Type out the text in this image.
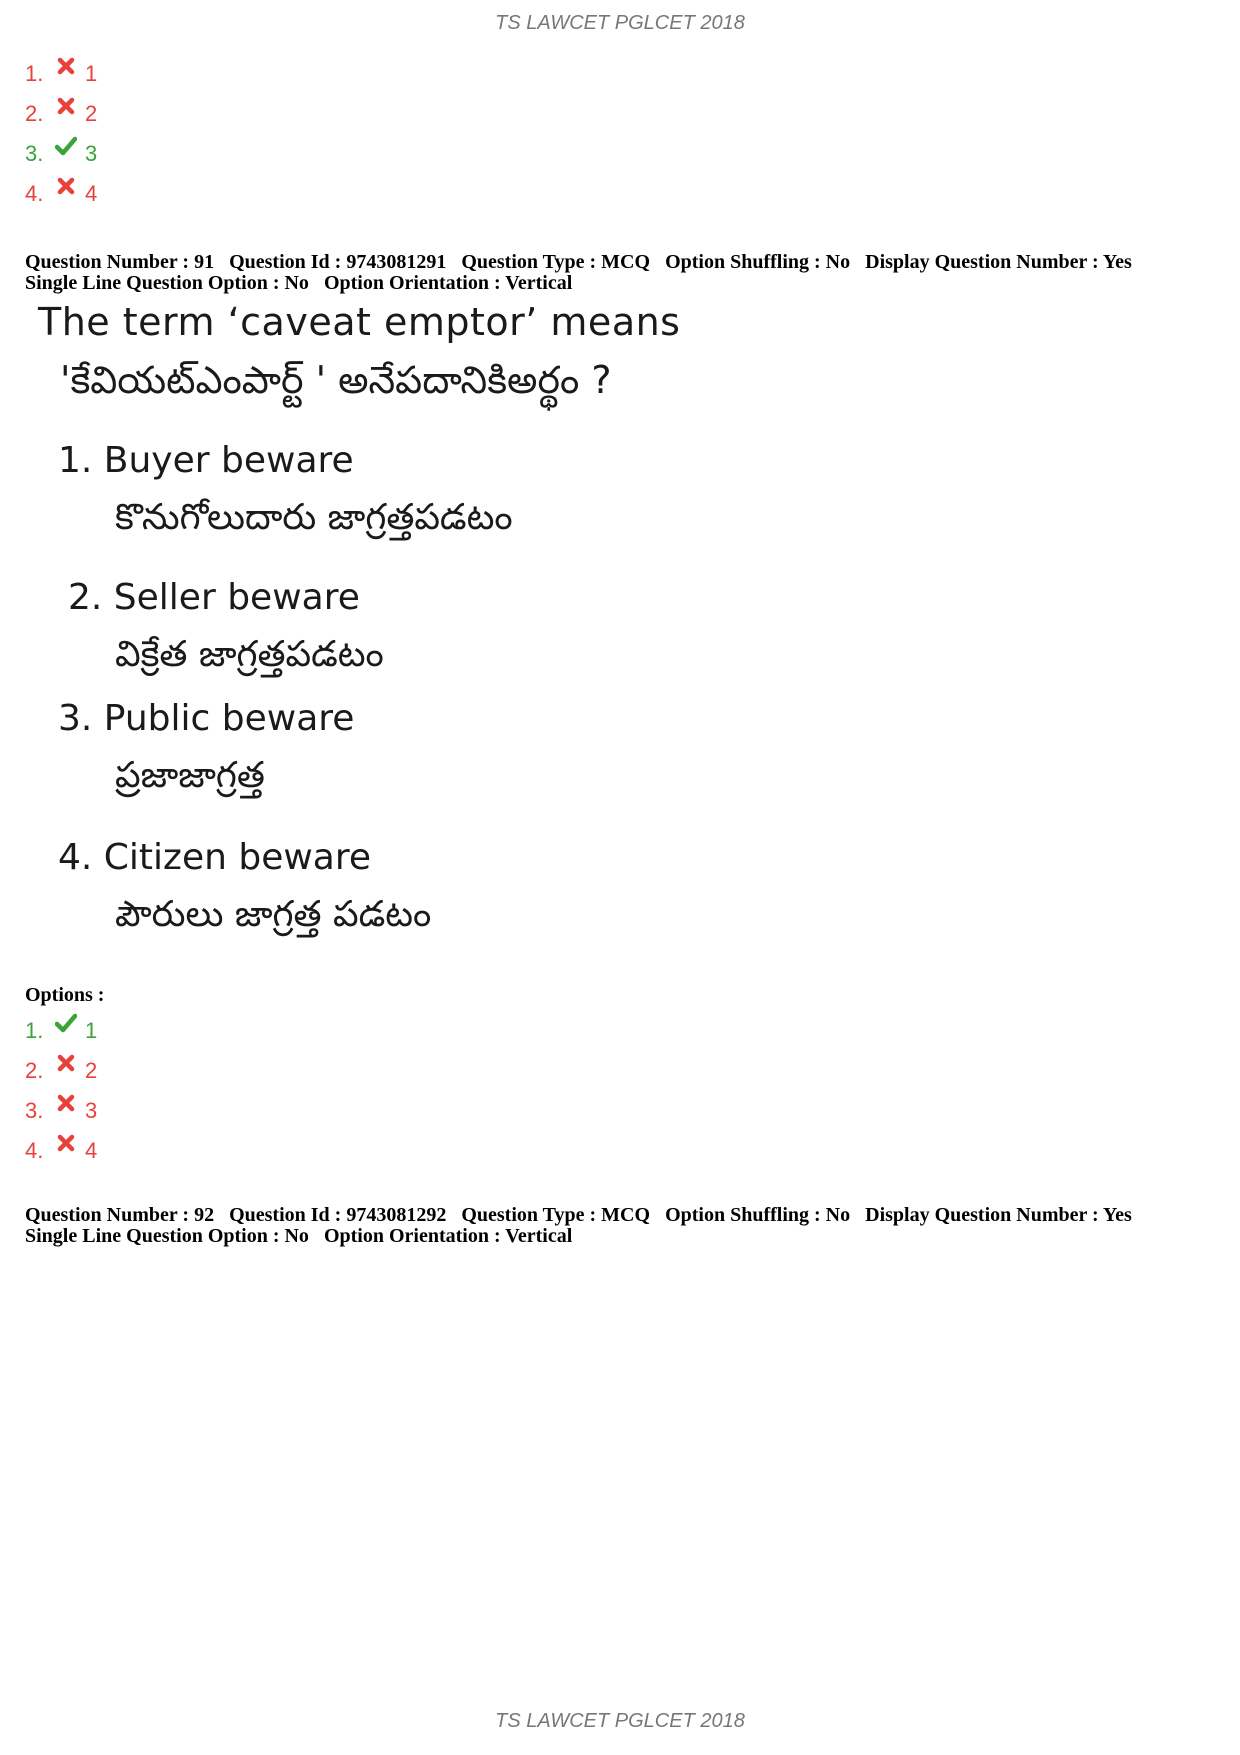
TS LAWCET PGLCET 2018
1.	1
2.	2
3.	3
4.	4
Question Number : 91 Question Id : 9743081291 Question Type : MCQ Option Shuffling : No Display Question Number : Yes
Single Line Question Option : No Option Orientation : Vertical
The term ‘caveat emptor’ means
'కేవియట్ఎంపార్ట్ ' అనేపదానికిఅర్థం ?
1. Buyer beware
కొనుగోలుదారు జాగ్రత్తపడటం
2. Seller beware
విక్రేత జాగ్రత్తపడటం
3. Public beware
ప్రజాజాగ్రత్త
4. Citizen beware
పౌరులు జాగ్రత్త పడటం
Options :
1.	1
2.	2
3.	3
4.	4
Question Number : 92 Question Id : 9743081292 Question Type : MCQ Option Shuffling : No Display Question Number : Yes
Single Line Question Option : No Option Orientation : Vertical
TS LAWCET PGLCET 2018
